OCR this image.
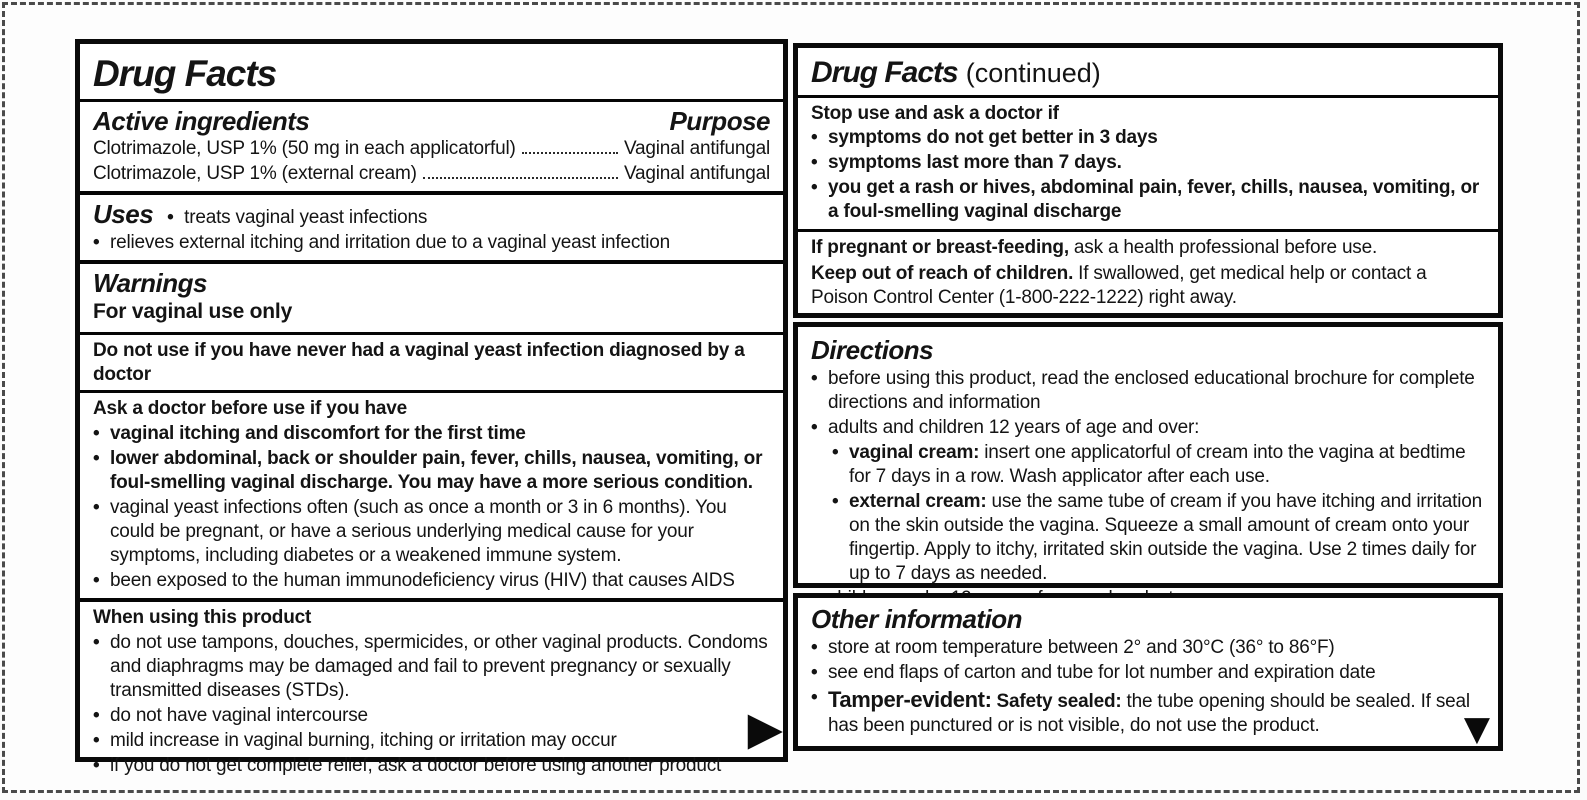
Drug Facts
Active ingredients	Purpose
Clotrimazole, USP 1% (50 mg in each applicatorful)	Vaginal antifungal
Clotrimazole, USP 1% (external cream)	Vaginal antifungal
Uses • treats vaginal yeast infections
• relieves external itching and irritation due to a vaginal yeast infection
Warnings
For vaginal use only
Do not use if you have never had a vaginal yeast infection diagnosed by a doctor
Ask a doctor before use if you have
• vaginal itching and discomfort for the first time
• lower abdominal, back or shoulder pain, fever, chills, nausea, vomiting, or foul-smelling vaginal discharge. You may have a more serious condition.
• vaginal yeast infections often (such as once a month or 3 in 6 months). You could be pregnant, or have a serious underlying medical cause for your symptoms, including diabetes or a weakened immune system.
• been exposed to the human immunodeficiency virus (HIV) that causes AIDS
When using this product
• do not use tampons, douches, spermicides, or other vaginal products. Condoms and diaphragms may be damaged and fail to prevent pregnancy or sexually transmitted diseases (STDs).
• do not have vaginal intercourse
• mild increase in vaginal burning, itching or irritation may occur
• if you do not get complete relief, ask a doctor before using another product
▶
Drug Facts (continued)
Stop use and ask a doctor if
• symptoms do not get better in 3 days
• symptoms last more than 7 days.
• you get a rash or hives, abdominal pain, fever, chills, nausea, vomiting, or a foul-smelling vaginal discharge
If pregnant or breast-feeding, ask a health professional before use.
Keep out of reach of children. If swallowed, get medical help or contact a Poison Control Center (1-800-222-1222) right away.
Directions
• before using this product, read the enclosed educational brochure for complete directions and information
• adults and children 12 years of age and over:
• vaginal cream: insert one applicatorful of cream into the vagina at bedtime for 7 days in a row. Wash applicator after each use.
• external cream: use the same tube of cream if you have itching and irritation on the skin outside the vagina. Squeeze a small amount of cream onto your fingertip. Apply to itchy, irritated skin outside the vagina. Use 2 times daily for up to 7 days as needed.
•
Other information
• store at room temperature between 2° and 30°C (36° to 86°F)
• see end flaps of carton and tube for lot number and expiration date
• Tamper-evident: Safety sealed: the tube opening should be sealed. If seal has been punctured or is not visible, do not use the product.	▼
